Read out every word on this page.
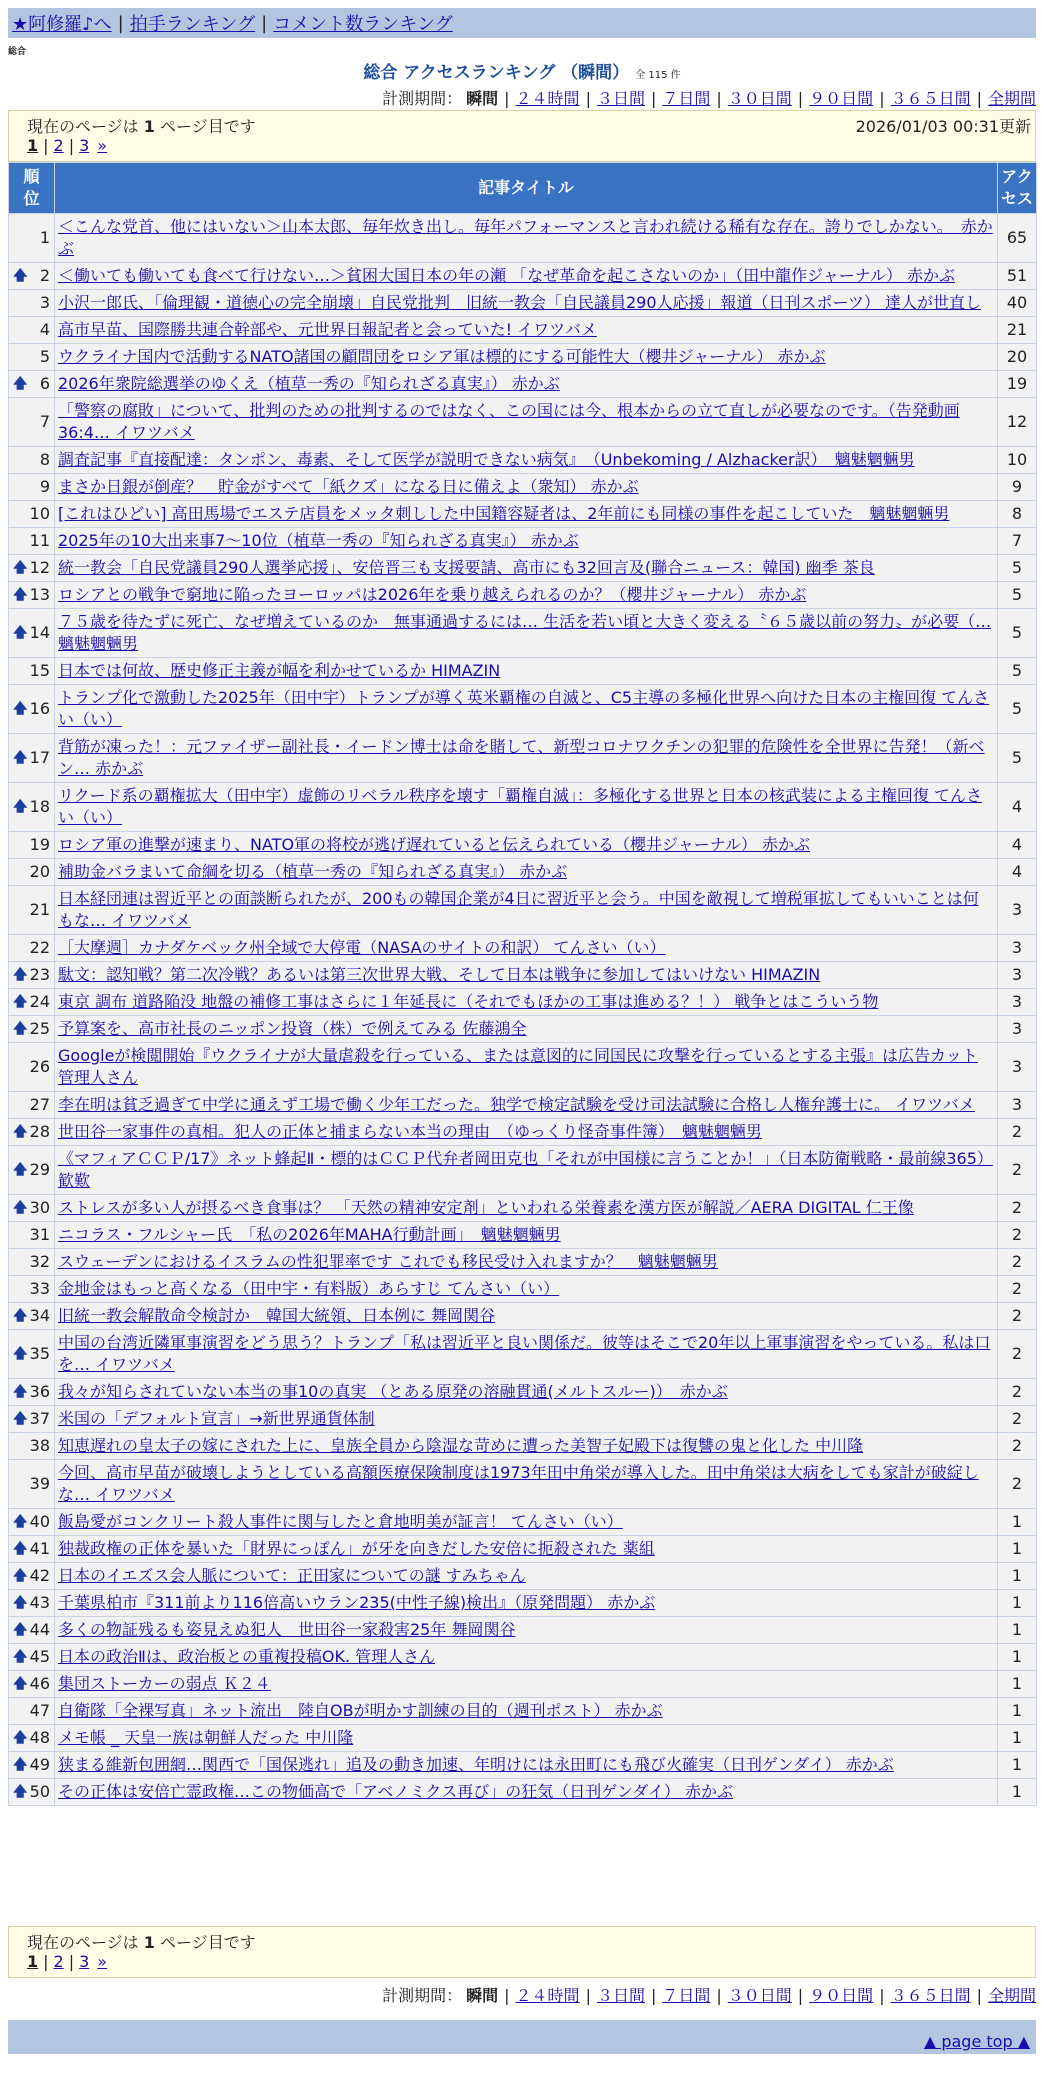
★阿修羅♪へ | 拍手ランキング | コメント数ランキング
総合
総合 アクセスランキング （瞬間） 全 115 件
計測期間： 瞬間 | ２４時間 | ３日間 | ７日間 | ３０日間 | ９０日間 | ３６５日間 | 全期間
現在のページは 1 ページ目です	2026/01/03 00:31更新
1 | 2 | 3 »
順位	記事タイトル	アクセス

1	＜こんな党首、他にはいない＞山本太郎、毎年炊き出し。毎年パフォーマンスと言われ続ける稀有な存在。誇りでしかない。　赤かぶ	65

🡅 2	＜働いても働いても食べて行けない…＞貧困大国日本の年の瀬 「なぜ革命を起こさないのか」（田中龍作ジャーナル） 赤かぶ	51
3	小沢一郎氏、「倫理観・道徳心の完全崩壊」自民党批判　旧統一教会「自民議員290人応援」報道（日刊スポーツ） 達人が世直し	40
4	高市早苗、国際勝共連合幹部や、元世界日報記者と会っていた! イワツバメ	21
5	ウクライナ国内で活動するNATO諸国の顧問団をロシア軍は標的にする可能性大（櫻井ジャーナル） 赤かぶ	20

🡅 6	2026年衆院総選挙のゆくえ（植草一秀の『知られざる真実』） 赤かぶ	19
7	「警察の腐敗」について、批判のための批判するのではなく、この国には今、根本からの立て直しが必要なのです。（告発動画36:4… イワツバメ	12
8	調査記事『直接配達：タンポン、毒素、そして医学が説明できない病気』　（Unbekoming / Alzhacker訳）　魑魅魍魎男	10
9	まさか日銀が倒産？　貯金がすべて「紙クズ」になる日に備えよ（衆知） 赤かぶ	9
10	[これはひどい] 高田馬場でエステ店員をメッタ刺しした中国籍容疑者は、2年前にも同様の事件を起こしていた　魑魅魍魎男	8
11	2025年の10大出来事7～10位（植草一秀の『知られざる真実』） 赤かぶ	7

🡅 12	統一教会「自民党議員290人選挙応援」、安倍晋三も支援要請、高市にも32回言及(聯合ニュース：韓国) 幽季 茶良	5

🡅 13	ロシアとの戦争で窮地に陥ったヨーロッパは2026年を乗り越えられるのか？（櫻井ジャーナル） 赤かぶ	5

🡅 14	７５歳を待たずに死亡、なぜ増えているのか　無事通過するには… 生活を若い頃と大きく変える〝６５歳以前の努力〟が必要（… 魑魅魍魎男	5
15	日本では何故、歴史修正主義が幅を利かせているか HIMAZIN	5

🡅 16	トランプ化で激動した2025年（田中宇）トランプが導く英米覇権の自滅と、C5主導の多極化世界へ向けた日本の主権回復 てんさい（い）	5

🡅 17	背筋が凍った！：元ファイザー副社長・イードン博士は命を賭して、新型コロナワクチンの犯罪的危険性を全世界に告発！（新ベン… 赤かぶ	5

🡅 18	リクード系の覇権拡大（田中宇）虚飾のリベラル秩序を壊す「覇権自滅」：多極化する世界と日本の核武装による主権回復 てんさい（い）	4
19	ロシア軍の進撃が速まり、NATO軍の将校が逃げ遅れていると伝えられている（櫻井ジャーナル） 赤かぶ	4
20	補助金バラまいて命綱を切る（植草一秀の『知られざる真実』） 赤かぶ	4
21	日本経団連は習近平との面談断られたが、200もの韓国企業が4日に習近平と会う。中国を敵視して増税軍拡してもいいことは何もな… イワツバメ	3
22	［大摩週］カナダケベック州全域で大停電（NASAのサイトの和訳） てんさい（い）	3

🡅 23	駄文：認知戦？第二次冷戦？あるいは第三次世界大戦、そして日本は戦争に参加してはいけない HIMAZIN	3

🡅 24	東京 調布 道路陥没 地盤の補修工事はさらに１年延長に（それでもほかの工事は進める？！） 戦争とはこういう物	3

🡅 25	予算案を、高市社長のニッポン投資（株）で例えてみる 佐藤鴻全	3
26	Googleが検閲開始『ウクライナが大量虐殺を行っている、または意図的に同国民に攻撃を行っているとする主張』は広告カット 管理人さん	3
27	李在明は貧乏過ぎて中学に通えず工場で働く少年工だった。独学で検定試験を受け司法試験に合格し人権弁護士に。 イワツバメ	3

🡅 28	世田谷一家事件の真相。犯人の正体と捕まらない本当の理由　（ゆっくり怪奇事件簿）　魑魅魍魎男	2

🡅 29	《マフィアＣＣＰ/17》ネット蜂起Ⅱ・標的はＣＣＰ代弁者岡田克也「それが中国様に言うことか！」（日本防衛戦略・最前線365） 歓歎	2

🡅 30	ストレスが多い人が摂るべき食事は？ 「天然の精神安定剤」といわれる栄養素を漢方医が解説／AERA DIGITAL 仁王像	2
31	ニコラス・フルシャー氏　「私の2026年MAHA行動計画」　魑魅魍魎男	2
32	スウェーデンにおけるイスラムの性犯罪率です これでも移民受け入れますか？　魑魅魍魎男	2
33	金地金はもっと高くなる（田中宇・有料版）あらすじ てんさい（い）	2

🡅 34	旧統一教会解散命令検討か　韓国大統領、日本例に 舞岡関谷	2

🡅 35	中国の台湾近隣軍事演習をどう思う？トランプ「私は習近平と良い関係だ。彼等はそこで20年以上軍事演習をやっている。私は口を… イワツバメ	2

🡅 36	我々が知らされていない本当の事10の真実 （とある原発の溶融貫通(メルトスルー)）　赤かぶ	2

🡅 37	米国の「デフォルト宣言」→新世界通貨体制	2
38	知恵遅れの皇太子の嫁にされた上に、皇族全員から陰湿な苛めに遭った美智子妃殿下は復讐の鬼と化した 中川隆	2
39	今回、高市早苗が破壊しようとしている高額医療保険制度は1973年田中角栄が導入した。田中角栄は大病をしても家計が破綻しな… イワツバメ	2

🡅 40	飯島愛がコンクリート殺人事件に関与したと倉地明美が証言！ てんさい（い）	1

🡅 41	独裁政権の正体を暴いた「財界にっぽん」が牙を向きだした安倍に扼殺された 薬組	1

🡅 42	日本のイエズス会人脈について：正田家についての謎 すみちゃん	1

🡅 43	千葉県柏市『311前より116倍高いウラン235(中性子線)検出』（原発問題） 赤かぶ	1

🡅 44	多くの物証残るも姿見えぬ犯人　世田谷一家殺害25年 舞岡関谷	1

🡅 45	日本の政治Ⅱは、政治板との重複投稿OK. 管理人さん	1

🡅 46	集団ストーカーの弱点 Ｋ２４	1
47	自衛隊「全裸写真」ネット流出　陸自OBが明かす訓練の目的（週刊ポスト） 赤かぶ	1

🡅 48	メモ帳 _ 天皇一族は朝鮮人だった 中川隆	1

🡅 49	狭まる維新包囲網…関西で「国保逃れ」追及の動き加速、年明けには永田町にも飛び火確実（日刊ゲンダイ） 赤かぶ	1

🡅 50	その正体は安倍亡霊政権…この物価高で「アベノミクス再び」の狂気（日刊ゲンダイ） 赤かぶ	1
現在のページは 1 ページ目です
1 | 2 | 3 »
計測期間： 瞬間 | ２４時間 | ３日間 | ７日間 | ３０日間 | ９０日間 | ３６５日間 | 全期間
▲ page top ▲
